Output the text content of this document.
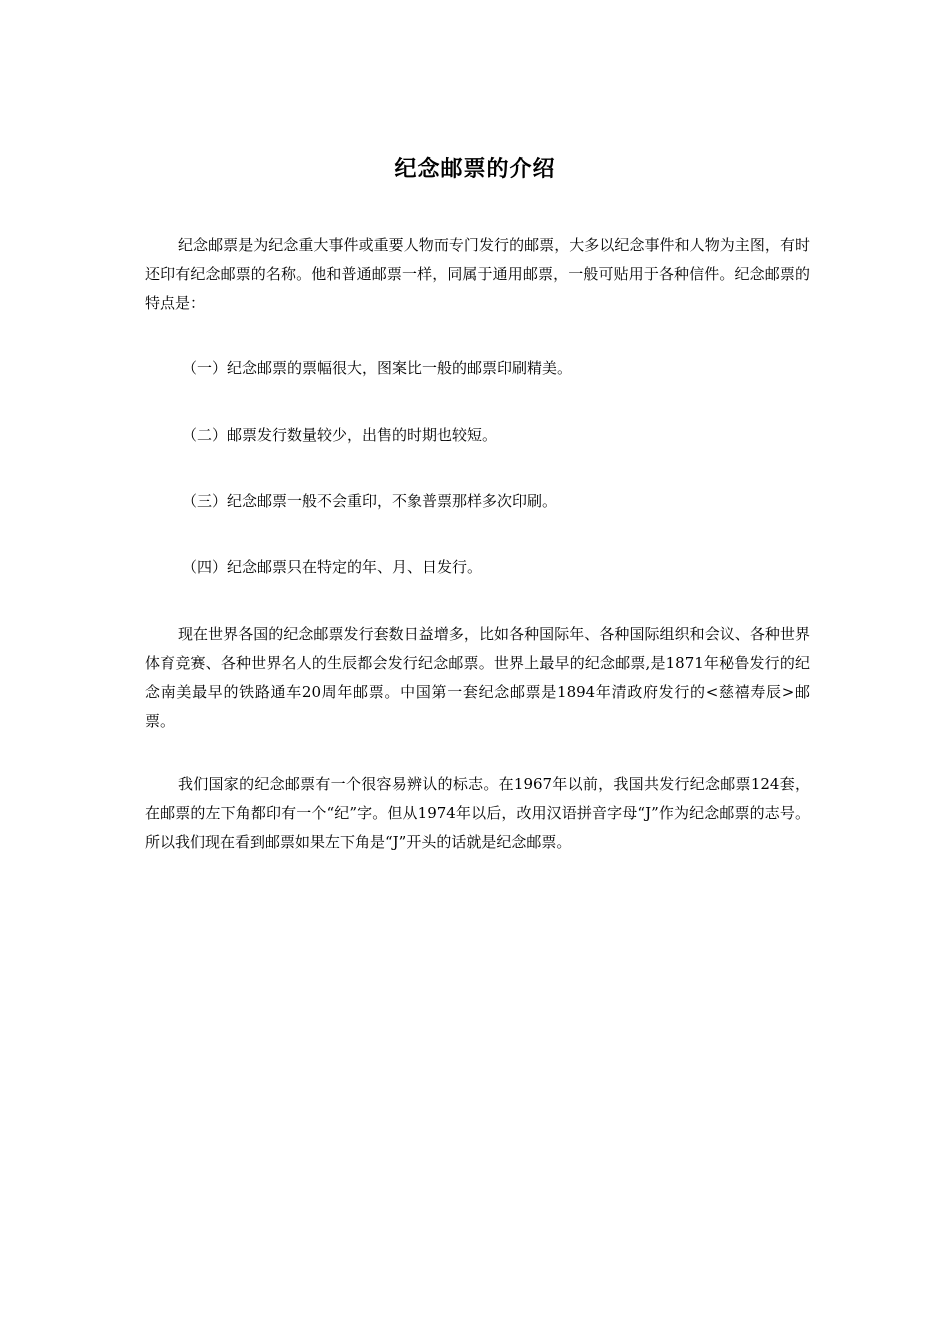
纪念邮票的介绍

纪念邮票是为纪念重大事件或重要人物而专门发行的邮票，大多以纪念事件和人物为主图，有时还印有纪念邮票的名称。他和普通邮票一样，同属于通用邮票，一般可贴用于各种信件。纪念邮票的特点是：

（一）纪念邮票的票幅很大，图案比一般的邮票印刷精美。

（二）邮票发行数量较少，出售的时期也较短。

（三）纪念邮票一般不会重印，不象普票那样多次印刷。

（四）纪念邮票只在特定的年、月、日发行。

现在世界各国的纪念邮票发行套数日益增多，比如各种国际年、各种国际组织和会议、各种世界体育竞赛、各种世界名人的生辰都会发行纪念邮票。世界上最早的纪念邮票,是1871年秘鲁发行的纪念南美最早的铁路通车20周年邮票。中国第一套纪念邮票是1894年清政府发行的<慈禧寿辰>邮票。

我们国家的纪念邮票有一个很容易辨认的标志。在1967年以前，我国共发行纪念邮票124套，在邮票的左下角都印有一个“纪”字。但从1974年以后，改用汉语拼音字母“J”作为纪念邮票的志号。所以我们现在看到邮票如果左下角是“J”开头的话就是纪念邮票。
